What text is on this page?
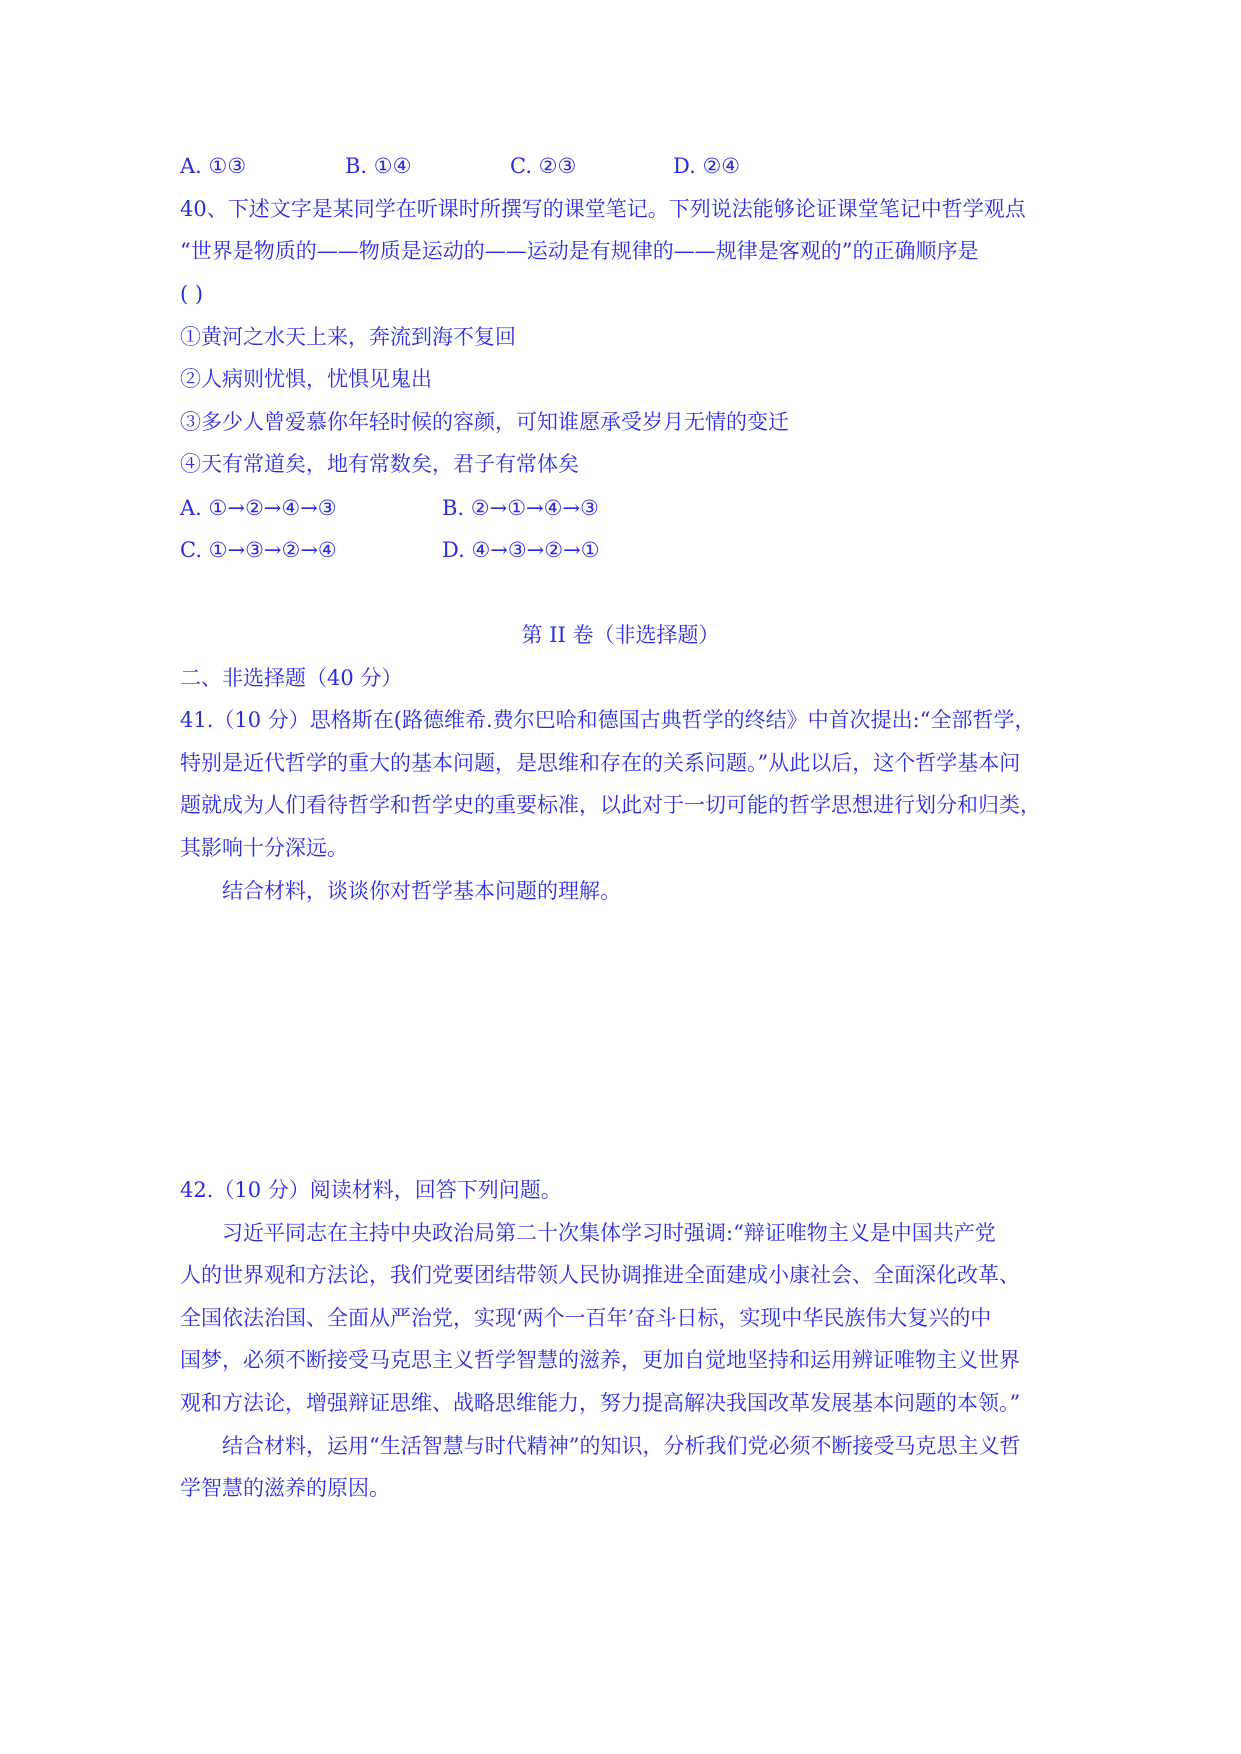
A. ①③	B. ①④	C. ②③	D. ②④
40、下述文字是某同学在听课时所撰写的课堂笔记。下列说法能够论证课堂笔记中哲学观点
“世界是物质的——物质是运动的——运动是有规律的——规律是客观的”的正确顺序是
( )
①黄河之水天上来，奔流到海不复回
②人病则忧惧，忧惧见鬼出
③多少人曾爱慕你年轻时候的容颜，可知谁愿承受岁月无情的变迁
④天有常道矣，地有常数矣，君子有常体矣
A. ①→②→④→③	B. ②→①→④→③
C. ①→③→②→④	D. ④→③→②→①
第 II 卷（非选择题）
二、非选择题（40 分）
41.（10 分）思格斯在(路德维希.费尔巴哈和德国古典哲学的终结》中首次提出:“全部哲学，
特别是近代哲学的重大的基本问题，是思维和存在的关系问题。”从此以后，这个哲学基本问
题就成为人们看待哲学和哲学史的重要标准，以此对于一切可能的哲学思想进行划分和归类，
其影响十分深远。
结合材料，谈谈你对哲学基本问题的理解。
42.（10 分）阅读材料，回答下列问题。
习近平同志在主持中央政治局第二十次集体学习时强调:“辩证唯物主义是中国共产党
人的世界观和方法论，我们党要团结带领人民协调推进全面建成小康社会、全面深化改革、
全国依法治国、全面从严治党，实现‘两个一百年’奋斗日标，实现中华民族伟大复兴的中
国梦，必须不断接受马克思主义哲学智慧的滋养，更加自觉地坚持和运用辨证唯物主义世界
观和方法论，增强辩证思维、战略思维能力，努力提高解决我国改革发展基本问题的本领。”
结合材料，运用“生活智慧与时代精神”的知识，分析我们党必须不断接受马克思主义哲
学智慧的滋养的原因。
